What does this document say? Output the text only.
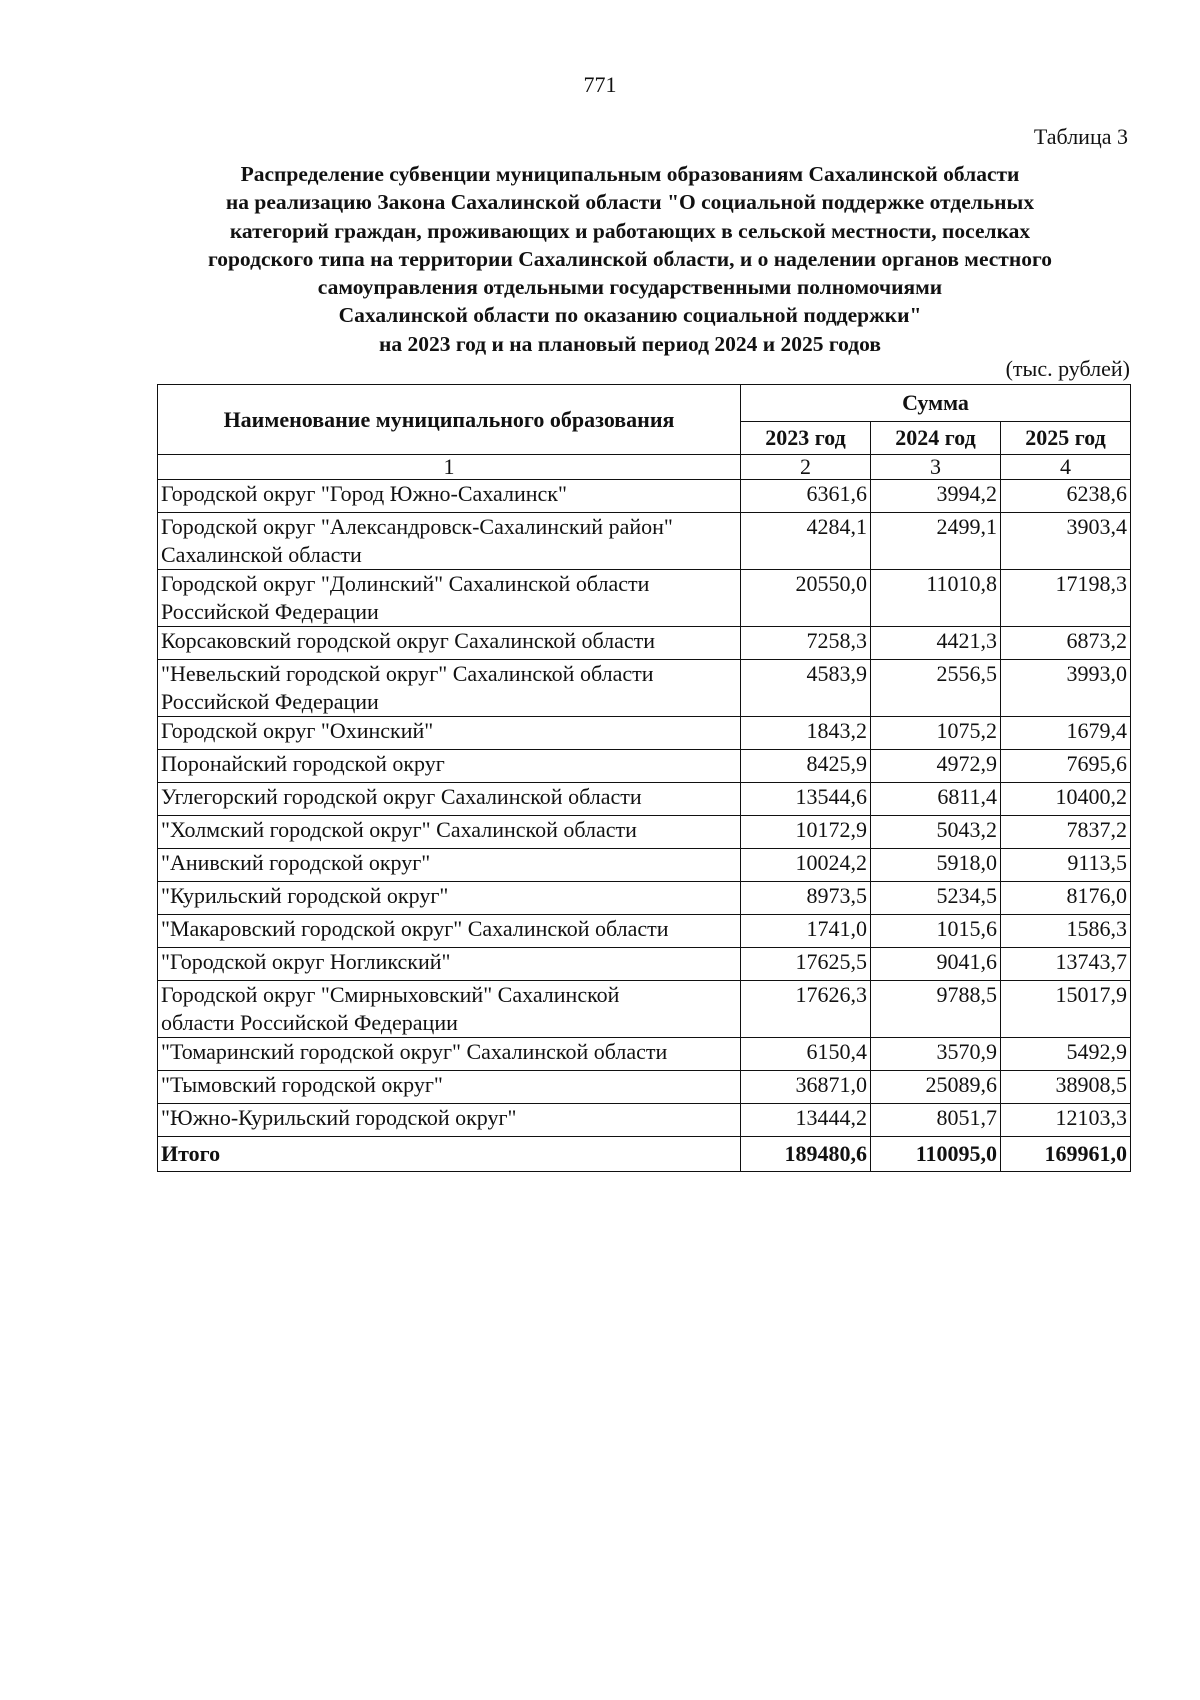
771
Таблица 3
Распределение субвенции муниципальным образованиям Сахалинской области
на реализацию Закона Сахалинской области "О социальной поддержке отдельных
категорий граждан, проживающих и работающих в сельской местности, поселках
городского типа на территории Сахалинской области, и о наделении органов местного
самоуправления отдельными государственными полномочиями
Сахалинской области по оказанию социальной поддержки"
на 2023 год и на плановый период 2024 и 2025 годов
(тыс. рублей)
Наименование муниципального образования	Сумма		
	2023 год	2024 год	2025 год
1	2	3	4

Городской округ "Город Южно-Сахалинск"	6361,6	3994,2	6238,6

Городской округ "Александровск-Сахалинский район"
Сахалинской области	4284,1	2499,1	3903,4

Городской округ "Долинский" Сахалинской области
Российской Федерации	20550,0	11010,8	17198,3

Корсаковский городской округ Сахалинской области	7258,3	4421,3	6873,2

"Невельский городской округ" Сахалинской области
Российской Федерации	4583,9	2556,5	3993,0

Городской округ "Охинский"	1843,2	1075,2	1679,4

Поронайский городской округ	8425,9	4972,9	7695,6

Углегорский городской округ Сахалинской области	13544,6	6811,4	10400,2

"Холмский городской округ" Сахалинской области	10172,9	5043,2	7837,2

"Анивский городской округ"	10024,2	5918,0	9113,5

"Курильский городской округ"	8973,5	5234,5	8176,0

"Макаровский городской округ" Сахалинской области	1741,0	1015,6	1586,3

"Городской округ Ногликский"	17625,5	9041,6	13743,7

Городской округ "Смирныховский" Сахалинской
области Российской Федерации	17626,3	9788,5	15017,9

"Томаринский городской округ" Сахалинской области	6150,4	3570,9	5492,9

"Тымовский городской округ"	36871,0	25089,6	38908,5

"Южно-Курильский городской округ"	13444,2	8051,7	12103,3
Итого	189480,6	110095,0	169961,0
